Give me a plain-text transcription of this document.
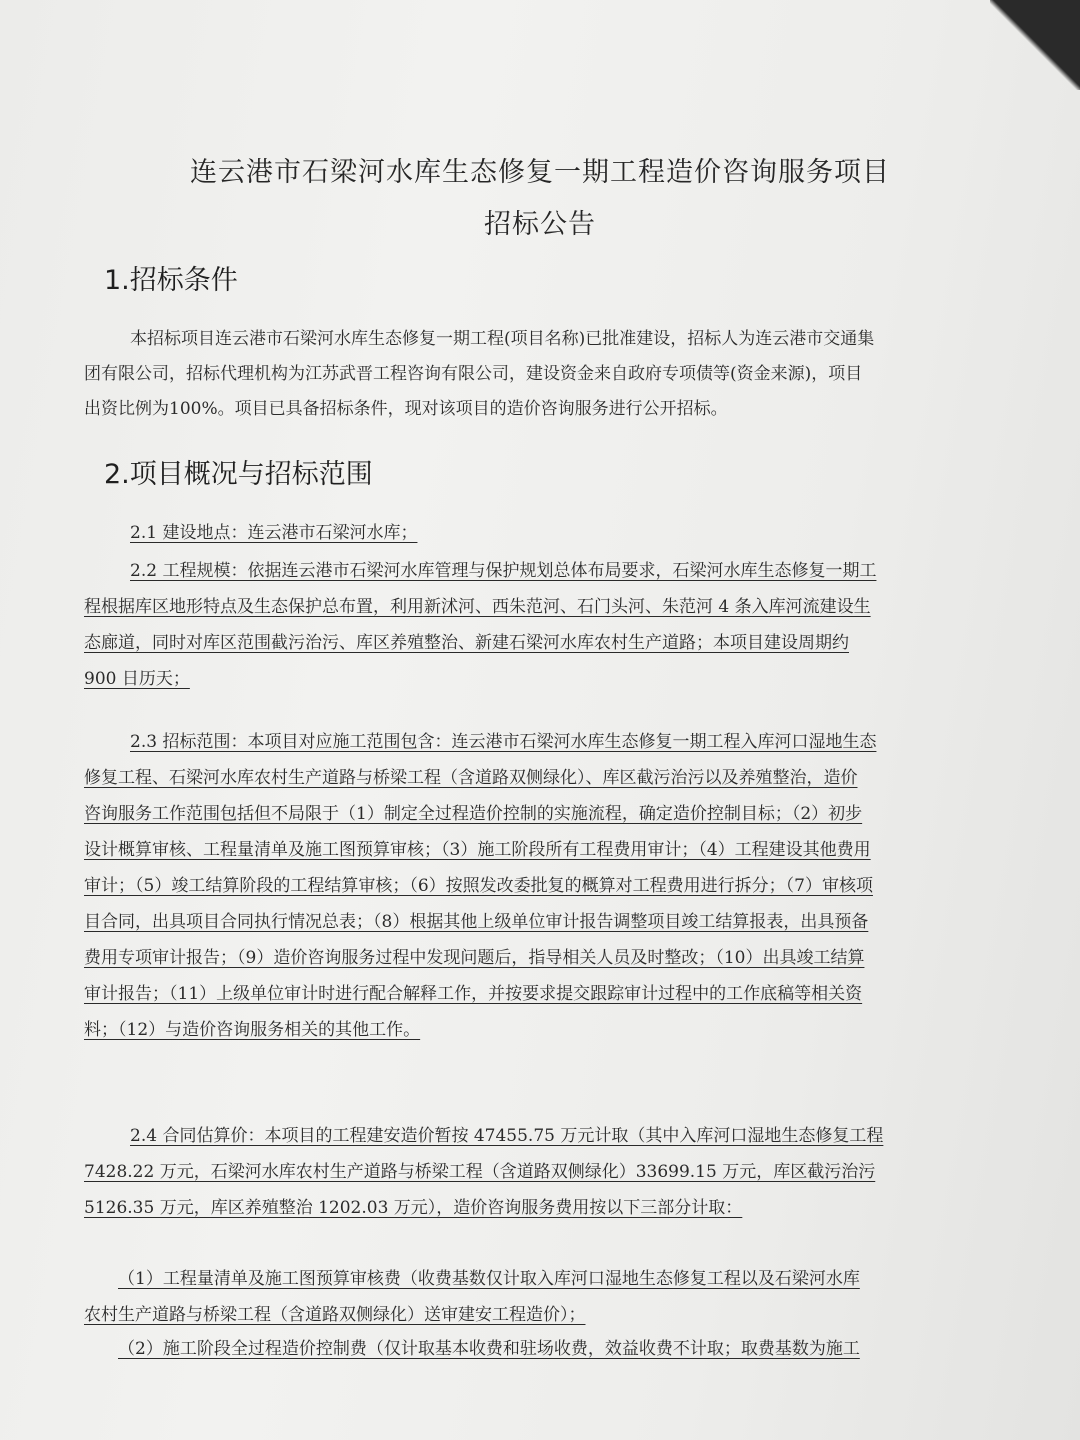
连云港市石梁河水库生态修复一期工程造价咨询服务项目
招标公告
1.招标条件
本招标项目连云港市石梁河水库生态修复一期工程(项目名称)已批准建设，招标人为连云港市交通集
团有限公司，招标代理机构为江苏武晋工程咨询有限公司，建设资金来自政府专项债等(资金来源)，项目
出资比例为100%。项目已具备招标条件，现对该项目的造价咨询服务进行公开招标。
2.项目概况与招标范围
2.1 建设地点：连云港市石梁河水库；
2.2 工程规模：依据连云港市石梁河水库管理与保护规划总体布局要求，石梁河水库生态修复一期工
程根据库区地形特点及生态保护总布置，利用新沭河、西朱范河、石门头河、朱范河 4 条入库河流建设生
态廊道，同时对库区范围截污治污、库区养殖整治、新建石梁河水库农村生产道路；本项目建设周期约
900 日历天；
2.3 招标范围：本项目对应施工范围包含：连云港市石梁河水库生态修复一期工程入库河口湿地生态
修复工程、石梁河水库农村生产道路与桥梁工程（含道路双侧绿化）、库区截污治污以及养殖整治，造价
咨询服务工作范围包括但不局限于（1）制定全过程造价控制的实施流程，确定造价控制目标；（2）初步
设计概算审核、工程量清单及施工图预算审核；（3）施工阶段所有工程费用审计；（4）工程建设其他费用
审计；（5）竣工结算阶段的工程结算审核；（6）按照发改委批复的概算对工程费用进行拆分；（7）审核项
目合同，出具项目合同执行情况总表；（8）根据其他上级单位审计报告调整项目竣工结算报表，出具预备
费用专项审计报告；（9）造价咨询服务过程中发现问题后，指导相关人员及时整改；（10）出具竣工结算
审计报告；（11）上级单位审计时进行配合解释工作，并按要求提交跟踪审计过程中的工作底稿等相关资
料；（12）与造价咨询服务相关的其他工作。
2.4 合同估算价：本项目的工程建安造价暂按 47455.75 万元计取（其中入库河口湿地生态修复工程
7428.22 万元，石梁河水库农村生产道路与桥梁工程（含道路双侧绿化）33699.15 万元，库区截污治污
5126.35 万元，库区养殖整治 1202.03 万元），造价咨询服务费用按以下三部分计取：
（1）工程量清单及施工图预算审核费（收费基数仅计取入库河口湿地生态修复工程以及石梁河水库
农村生产道路与桥梁工程（含道路双侧绿化）送审建安工程造价）；
（2）施工阶段全过程造价控制费（仅计取基本收费和驻场收费，效益收费不计取；取费基数为施工
